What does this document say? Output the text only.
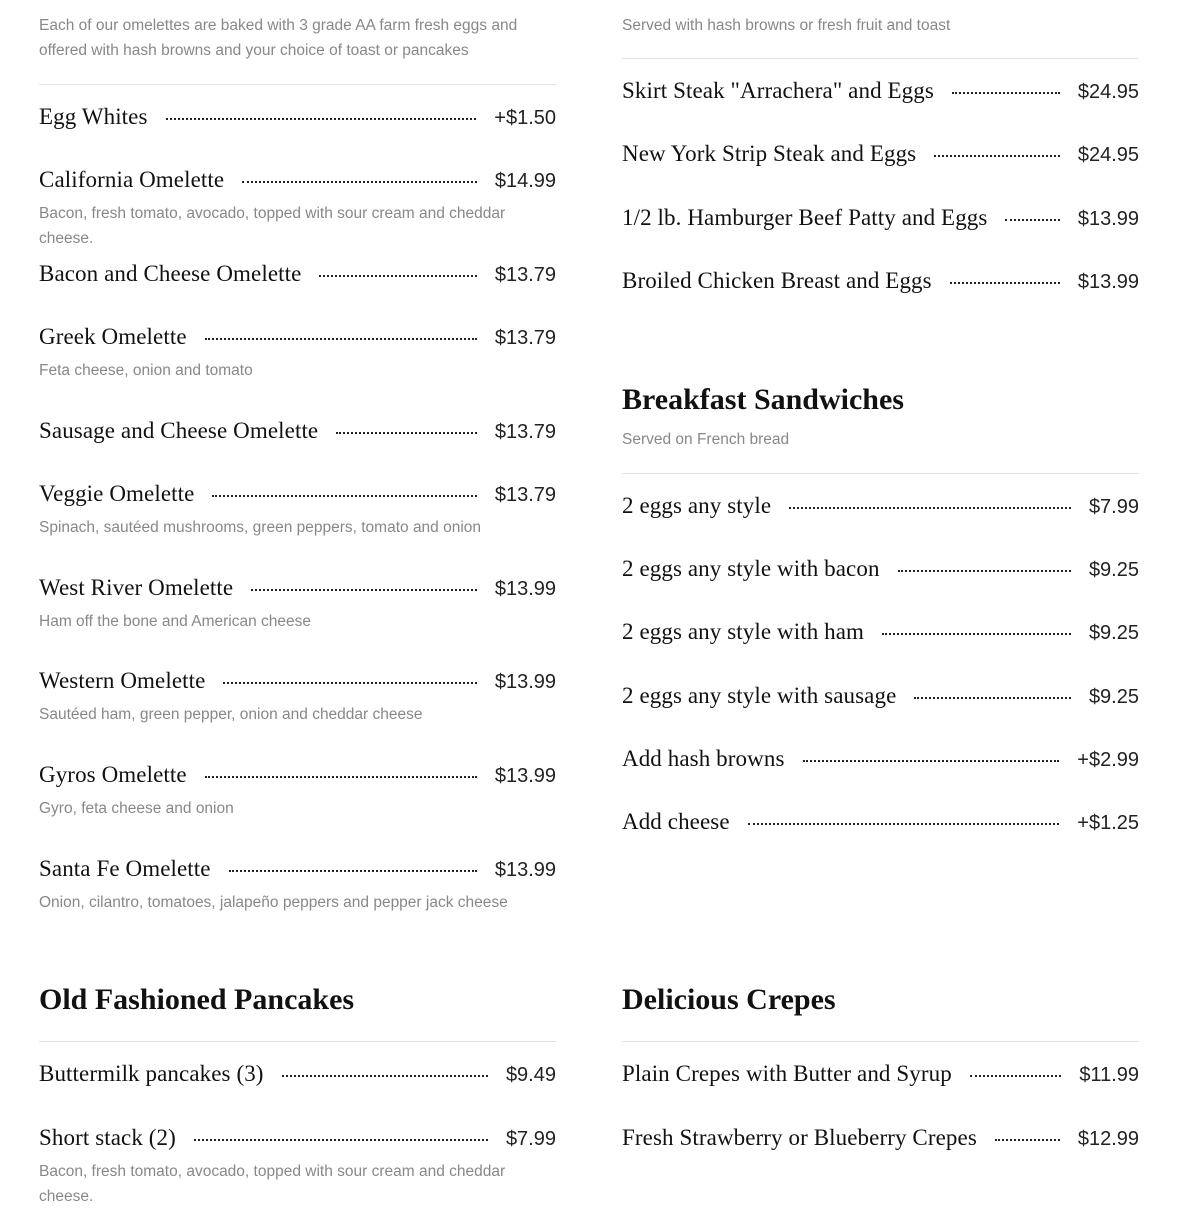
Each of our omelettes are baked with 3 grade AA farm fresh eggs and offered with hash browns and your choice of toast or pancakes
Egg Whites	+$1.50
California Omelette	$14.99
Bacon, fresh tomato, avocado, topped with sour cream and cheddar cheese.
Bacon and Cheese Omelette	$13.79
Greek Omelette	$13.79
Feta cheese, onion and tomato
Sausage and Cheese Omelette	$13.79
Veggie Omelette	$13.79
Spinach, sautéed mushrooms, green peppers, tomato and onion
West River Omelette	$13.99
Ham off the bone and American cheese
Western Omelette	$13.99
Sautéed ham, green pepper, onion and cheddar cheese
Gyros Omelette	$13.99
Gyro, feta cheese and onion
Santa Fe Omelette	$13.99
Onion, cilantro, tomatoes, jalapeño peppers and pepper jack cheese
Served with hash browns or fresh fruit and toast
Skirt Steak "Arrachera" and Eggs	$24.95
New York Strip Steak and Eggs	$24.95
1/2 lb. Hamburger Beef Patty and Eggs	$13.99
Broiled Chicken Breast and Eggs	$13.99
Breakfast Sandwiches
Served on French bread
2 eggs any style	$7.99
2 eggs any style with bacon	$9.25
2 eggs any style with ham	$9.25
2 eggs any style with sausage	$9.25
Add hash browns	+$2.99
Add cheese	+$1.25
Old Fashioned Pancakes
Buttermilk pancakes (3)	$9.49
Short stack (2)	$7.99
Bacon, fresh tomato, avocado, topped with sour cream and cheddar cheese.
Delicious Crepes
Plain Crepes with Butter and Syrup	$11.99
Fresh Strawberry or Blueberry Crepes	$12.99
